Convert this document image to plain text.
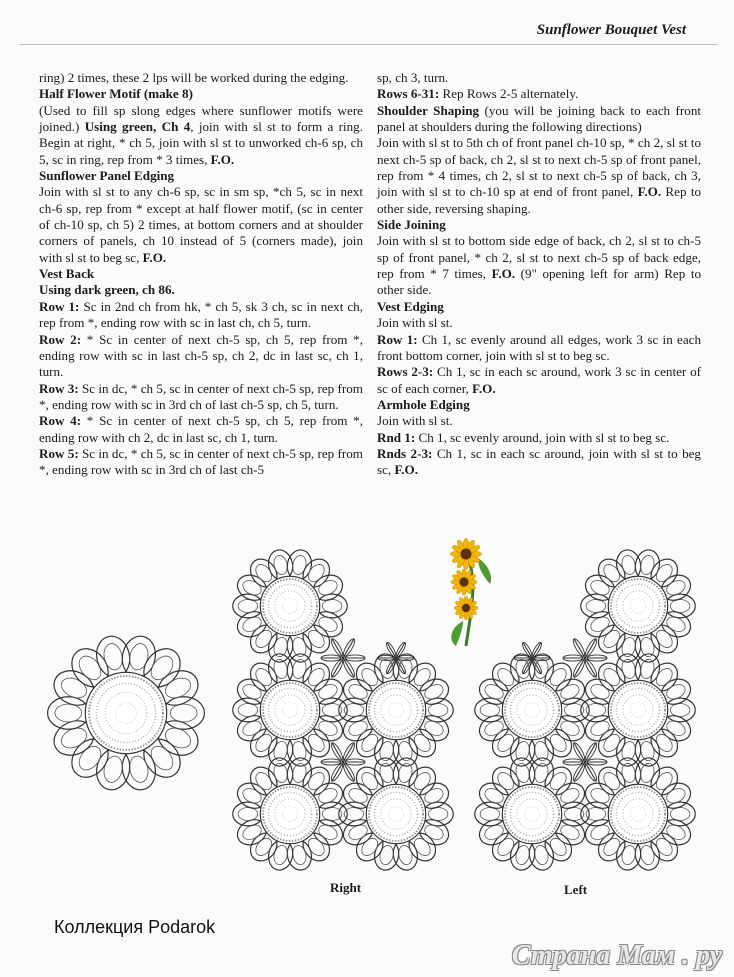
Sunflower Bouquet Vest

ring) 2 times, these 2 lps will be worked during the edging.

Half Flower Motif (make 8)

(Used to fill sp slong edges where sunflower motifs were joined.) Using green, Ch 4, join with sl st to form a ring. Begin at right, * ch 5, join with sl st to unworked ch-6 sp, ch 5, sc in ring, rep from * 3 times, F.O.

Sunflower Panel Edging

Join with sl st to any ch-6 sp, sc in sm sp, *ch 5, sc in next ch-6 sp, rep from * except at half flower motif, (sc in center of ch-10 sp, ch 5) 2 times, at bottom corners and at shoulder corners of panels, ch 10 instead of 5 (corners made), join with sl st to beg sc, F.O.

Vest Back

Using dark green, ch 86.

Row 1: Sc in 2nd ch from hk, * ch 5, sk 3 ch, sc in next ch, rep from *, ending row with sc in last ch, ch 5, turn.

Row 2: * Sc in center of next ch-5 sp, ch 5, rep from *, ending row with sc in last ch-5 sp, ch 2, dc in last sc, ch 1, turn.

Row 3: Sc in dc, * ch 5, sc in center of next ch-5 sp, rep from *, ending row with sc in 3rd ch of last ch-5 sp, ch 5, turn.

Row 4: * Sc in center of next ch-5 sp, ch 5, rep from *, ending row with ch 2, dc in last sc, ch 1, turn.

Row 5: Sc in dc, * ch 5, sc in center of next ch-5 sp, rep from *, ending row with sc in 3rd ch of last ch-5

sp, ch 3, turn.

Rows 6-31: Rep Rows 2-5 alternately.

Shoulder Shaping (you will be joining back to each front panel at shoulders during the following directions)

Join with sl st to 5th ch of front panel ch-10 sp, * ch 2, sl st to next ch-5 sp of back, ch 2, sl st to next ch-5 sp of front panel, rep from * 4 times, ch 2, sl st to next ch-5 sp of back, ch 3, join with sl st to ch-10 sp at end of front panel, F.O. Rep to other side, reversing shaping.

Side Joining

Join with sl st to bottom side edge of back, ch 2, sl st to ch-5 sp of front panel, * ch 2, sl st to next ch-5 sp of back edge, rep from * 7 times, F.O. (9" opening left for arm) Rep to other side.

Vest Edging

Join with sl st.

Row 1: Ch 1, sc evenly around all edges, work 3 sc in each front bottom corner, join with sl st to beg sc.

Rows 2-3: Ch 1, sc in each sc around, work 3 sc in center of sc of each corner, F.O.

Armhole Edging

Join with sl st.

Rnd 1: Ch 1, sc evenly around, join with sl st to beg sc.

Rnds 2-3: Ch 1, sc in each sc around, join with sl st to beg sc, F.O.

Right	Left
Коллекция Podarok
Страна Мам . ру
